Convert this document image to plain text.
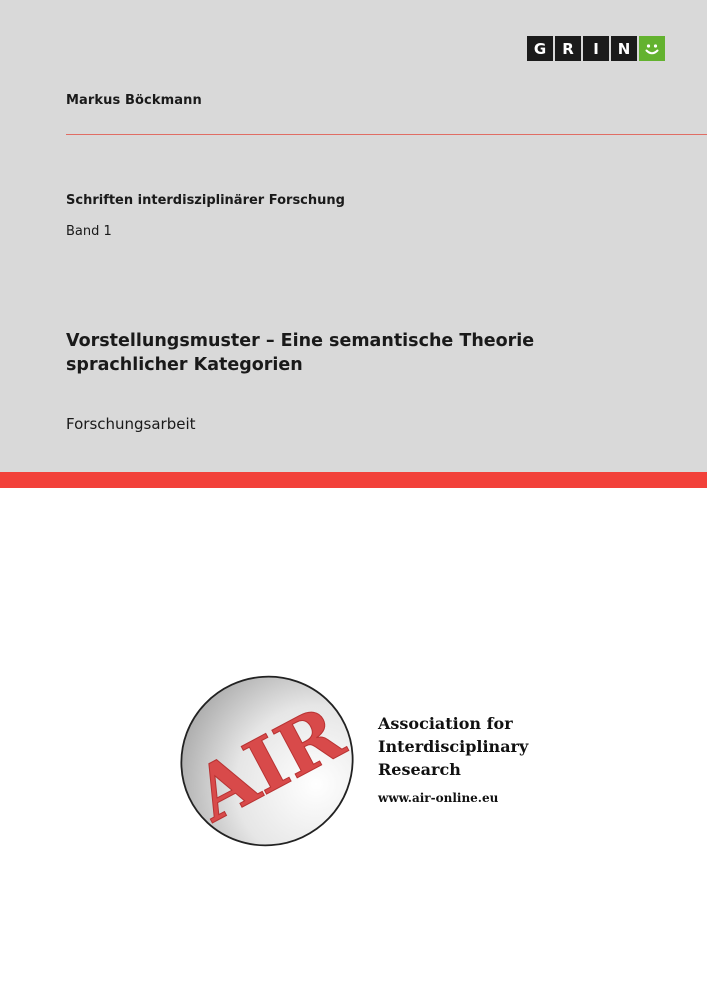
G	R	I	N
Markus Böckmann
Schriften interdisziplinärer Forschung
Band 1
Vorstellungsmuster – Eine semantische Theorie
sprachlicher Kategorien
Forschungsarbeit
AIR Association for
Interdisciplinary
Research
www.air-online.eu
